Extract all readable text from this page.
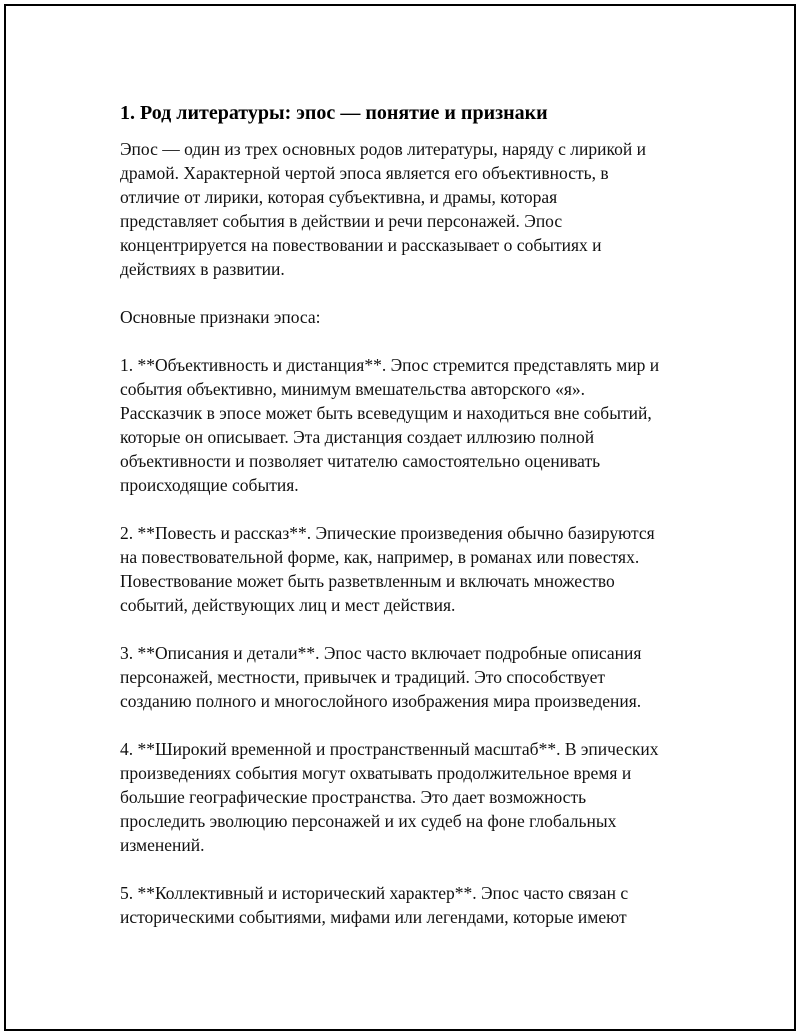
1. Род литературы: эпос — понятие и признаки
Эпос — один из трех основных родов литературы, наряду с лирикой и
драмой. Характерной чертой эпоса является его объективность, в
отличие от лирики, которая субъективна, и драмы, которая
представляет события в действии и речи персонажей. Эпос
концентрируется на повествовании и рассказывает о событиях и
действиях в развитии.
Основные признаки эпоса:
1. **Объективность и дистанция**. Эпос стремится представлять мир и
события объективно, минимум вмешательства авторского «я».
Рассказчик в эпосе может быть всеведущим и находиться вне событий,
которые он описывает. Эта дистанция создает иллюзию полной
объективности и позволяет читателю самостоятельно оценивать
происходящие события.
2. **Повесть и рассказ**. Эпические произведения обычно базируются
на повествовательной форме, как, например, в романах или повестях.
Повествование может быть разветвленным и включать множество
событий, действующих лиц и мест действия.
3. **Описания и детали**. Эпос часто включает подробные описания
персонажей, местности, привычек и традиций. Это способствует
созданию полного и многослойного изображения мира произведения.
4. **Широкий временной и пространственный масштаб**. В эпических
произведениях события могут охватывать продолжительное время и
большие географические пространства. Это дает возможность
проследить эволюцию персонажей и их судеб на фоне глобальных
изменений.
5. **Коллективный и исторический характер**. Эпос часто связан с
историческими событиями, мифами или легендами, которые имеют
